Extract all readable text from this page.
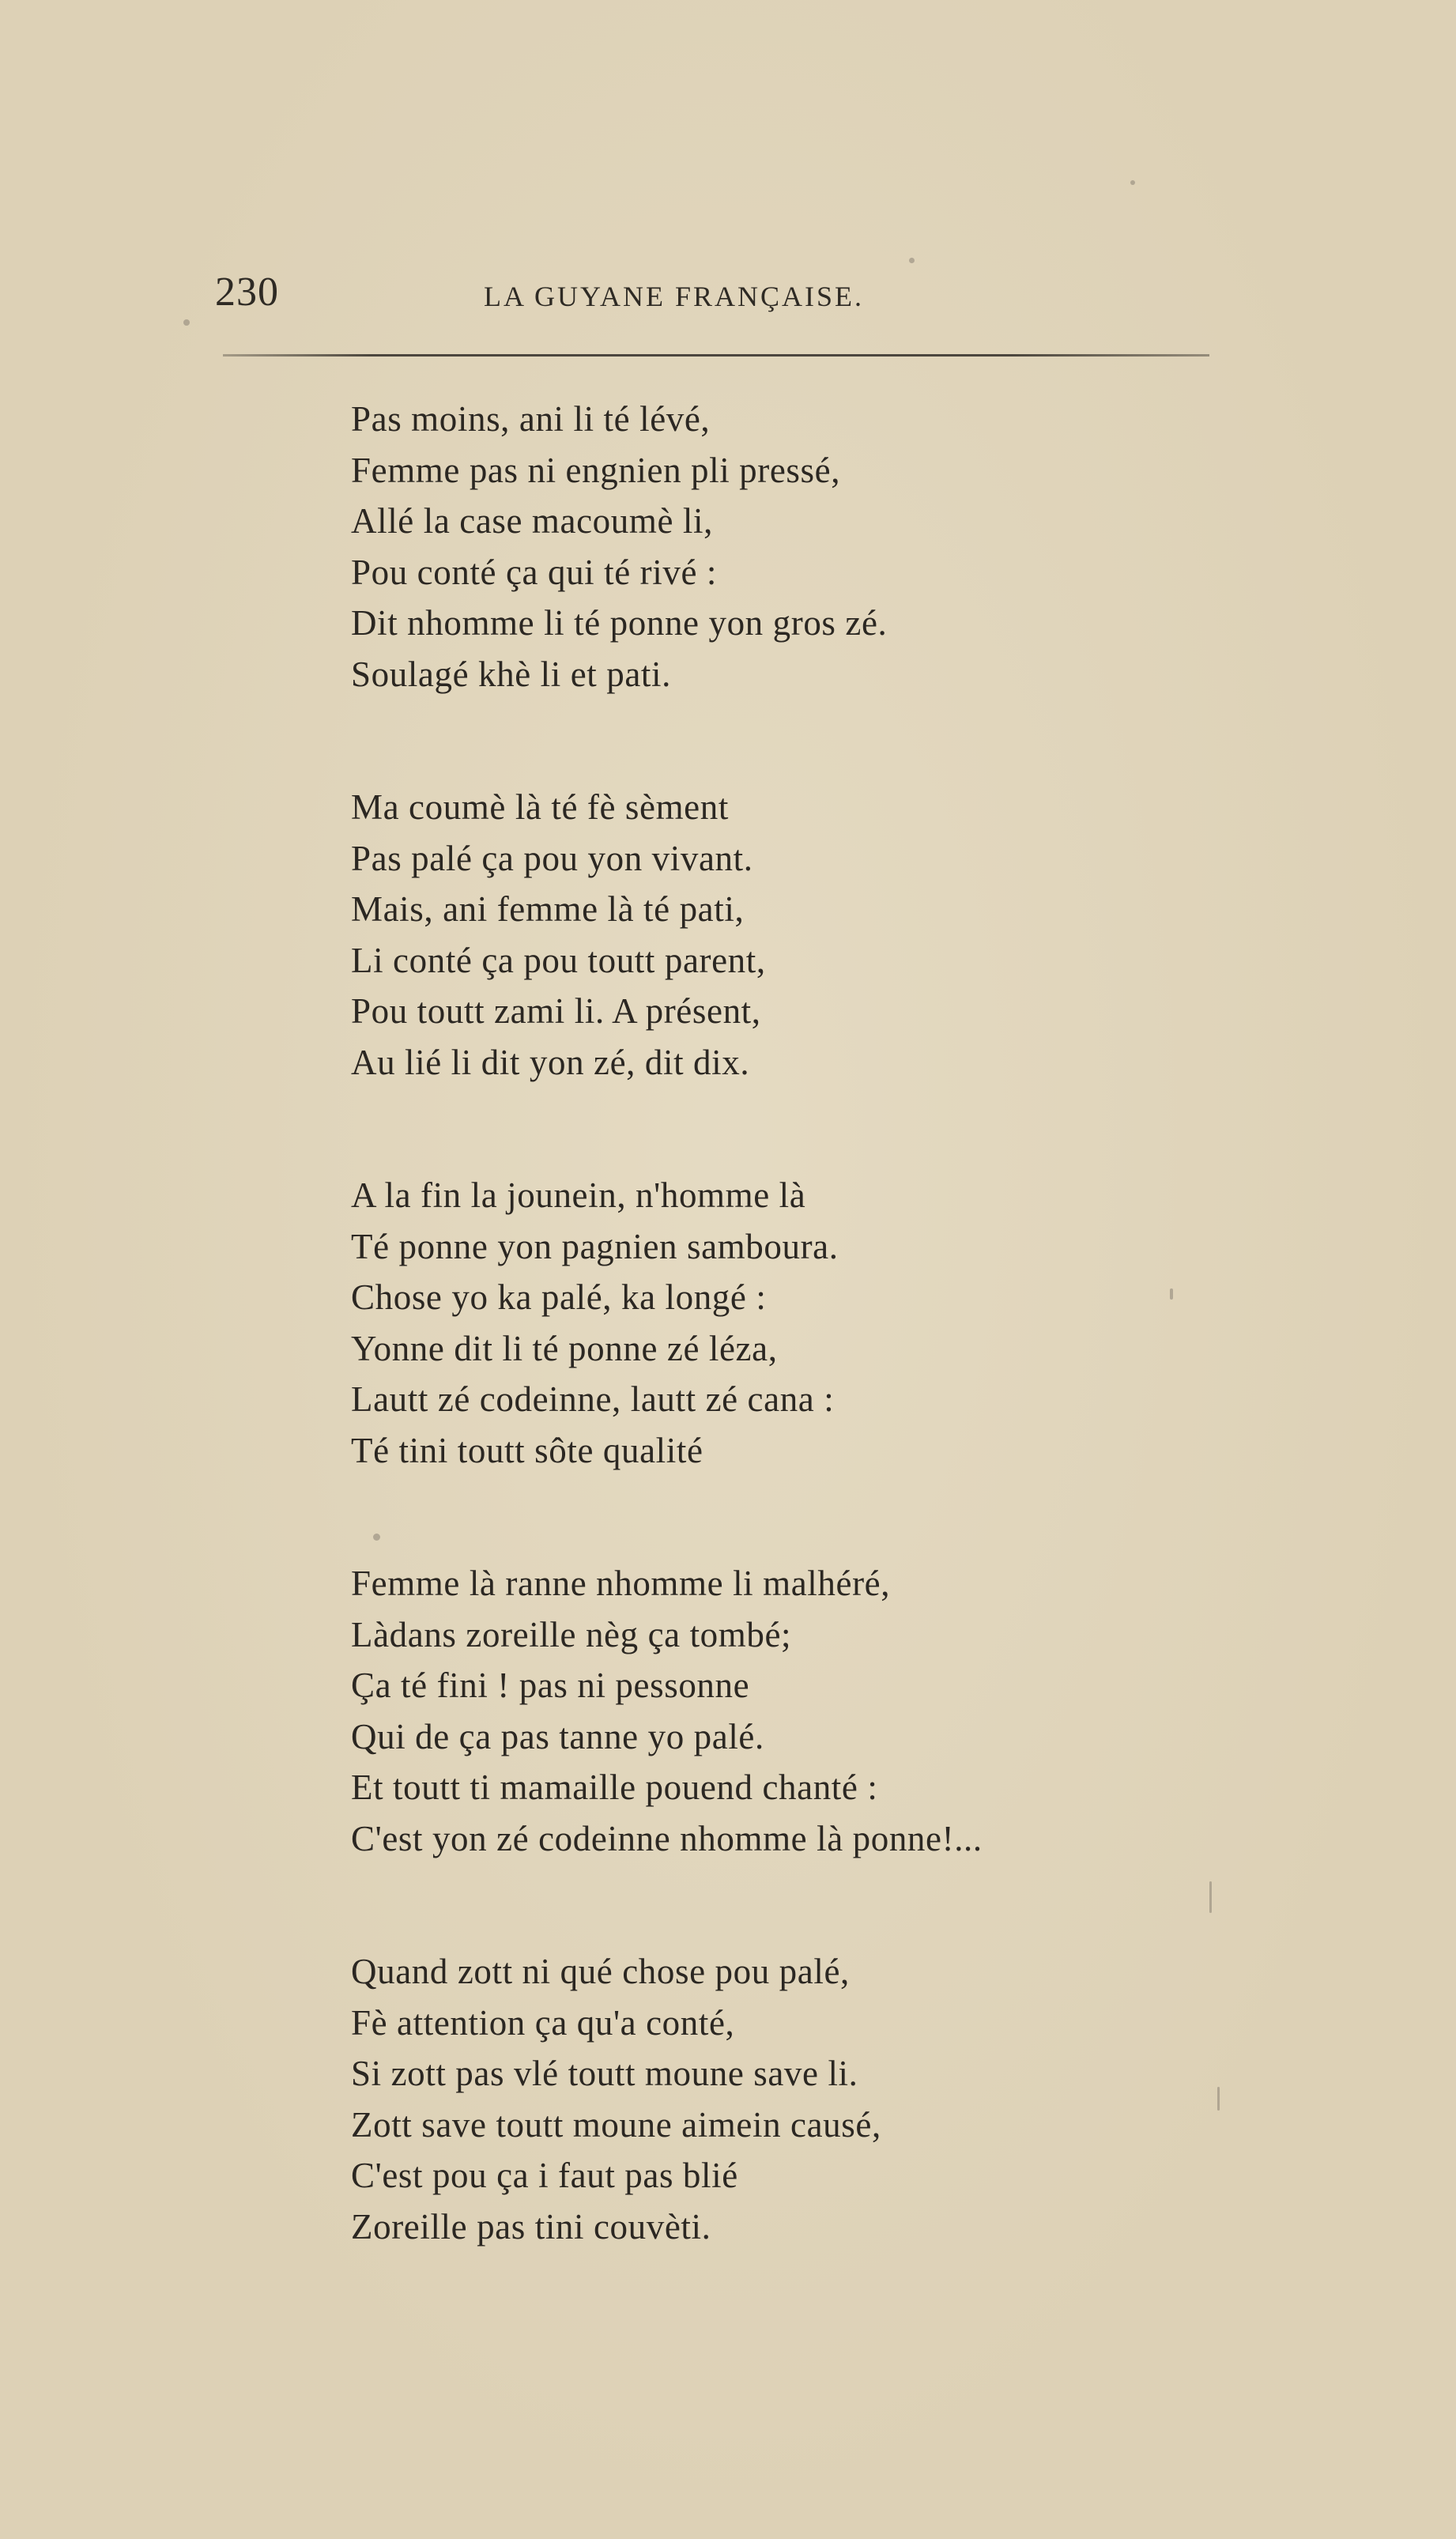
230	LA GUYANE FRANÇAISE.
Pas moins, ani li té lévé,
Femme pas ni engnien pli pressé,
Allé la case macoumè li,
Pou conté ça qui té rivé :
Dit nhomme li té ponne yon gros zé.
Soulagé khè li et pati.
Ma coumè là té fè sèment
Pas palé ça pou yon vivant.
Mais, ani femme là té pati,
Li conté ça pou toutt parent,
Pou toutt zami li. A présent,
Au lié li dit yon zé, dit dix.
A la fin la jounein, n'homme là
Té ponne yon pagnien samboura.
Chose yo ka palé, ka longé :
Yonne dit li té ponne zé léza,
Lautt zé codeinne, lautt zé cana :
Té tini toutt sôte qualité
Femme là ranne nhomme li malhéré,
Làdans zoreille nèg ça tombé;
Ça té fini ! pas ni pessonne
Qui de ça pas tanne yo palé.
Et toutt ti mamaille pouend chanté :
C'est yon zé codeinne nhomme là ponne!...
Quand zott ni qué chose pou palé,
Fè attention ça qu'a conté,
Si zott pas vlé toutt moune save li.
Zott save toutt moune aimein causé,
C'est pou ça i faut pas blié
Zoreille pas tini couvèti.
